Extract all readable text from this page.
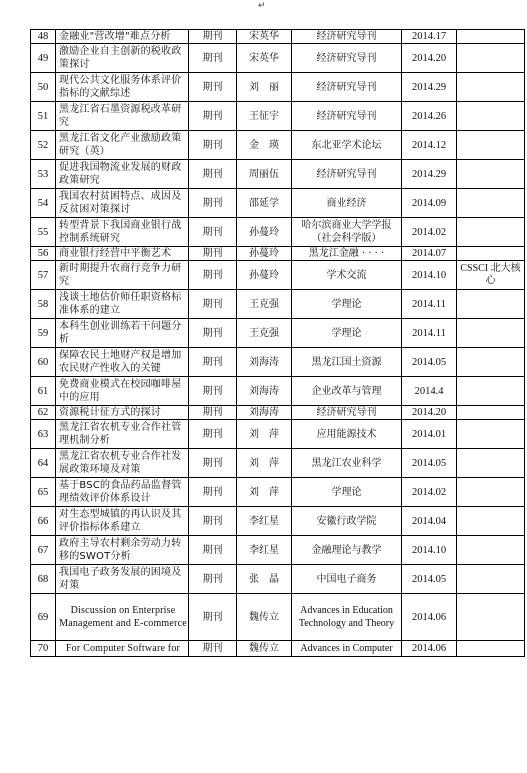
↵
48	金融业"营改增"难点分析	期刊	宋英华	经济研究导刊	2014.17	
49	激励企业自主创新的税收政策探讨	期刊	宋英华	经济研究导刊	2014.20	
50	现代公共文化服务体系评价指标的文献综述	期刊	刘　丽	经济研究导刊	2014.29	
51	黑龙江省石墨资源税改革研究	期刊	王征宇	经济研究导刊	2014.26	
52	黑龙江省文化产业激励政策研究（英）	期刊	金　瑛	东北亚学术论坛	2014.12	
53	促进我国物流业发展的财政政策研究	期刊	周丽伍	经济研究导刊	2014.29	
54	我国农村贫困特点、成因及反贫困对策探讨	期刊	邵延学	商业经济	2014.09	
55	转型背景下我国商业银行战控制系统研究	期刊	孙蔓玲	哈尔滨商业大学学报（社会科学版）	2014.02	
56	商业银行经营中平衡艺术	期刊	孙蔓玲	黑龙江金融 · · · ·	2014.07	
57	新时期提升农商行竞争力研究	期刊	孙蔓玲	学术交流	2014.10	CSSCI 北大核心
58	浅谈土地估价师任职资格标准体系的建立	期刊	王克强	学理论	2014.11	
59	本科生创业训练若干问题分析	期刊	王克强	学理论	2014.11	
60	保障农民土地财产权是增加农民财产性收入的关键	期刊	刘海涛	黑龙江国土资源	2014.05	
61	免费商业模式在校园咖啡屋中的应用	期刊	刘海涛	企业改革与管理	2014.4	
62	资源税计征方式的探讨	期刊	刘海涛	经济研究导刊	2014.20	
63	黑龙江省农机专业合作社管理机制分析	期刊	刘　萍	应用能源技术	2014.01	
64	黑龙江省农机专业合作社发展政策环境及对策	期刊	刘　萍	黑龙江农业科学	2014.05	
65	基于BSC的食品药品监督管理绩效评价体系设计	期刊	刘　萍	学理论	2014.02	
66	对生态型城镇的再认识及其评价指标体系建立	期刊	李红星	安徽行政学院	2014.04	
67	政府主导农村剩余劳动力转移的SWOT分析	期刊	李红星	金融理论与教学	2014.10	
68	我国电子政务发展的困境及对策	期刊	张　晶	中国电子商务	2014.05	
69	Discussion on Enterprise Management and E-commerce	期刊	魏传立	Advances in Education Technology and Theory	2014.06	
70	For Computer Software for	期刊	魏传立	Advances in Computer	2014.06	
